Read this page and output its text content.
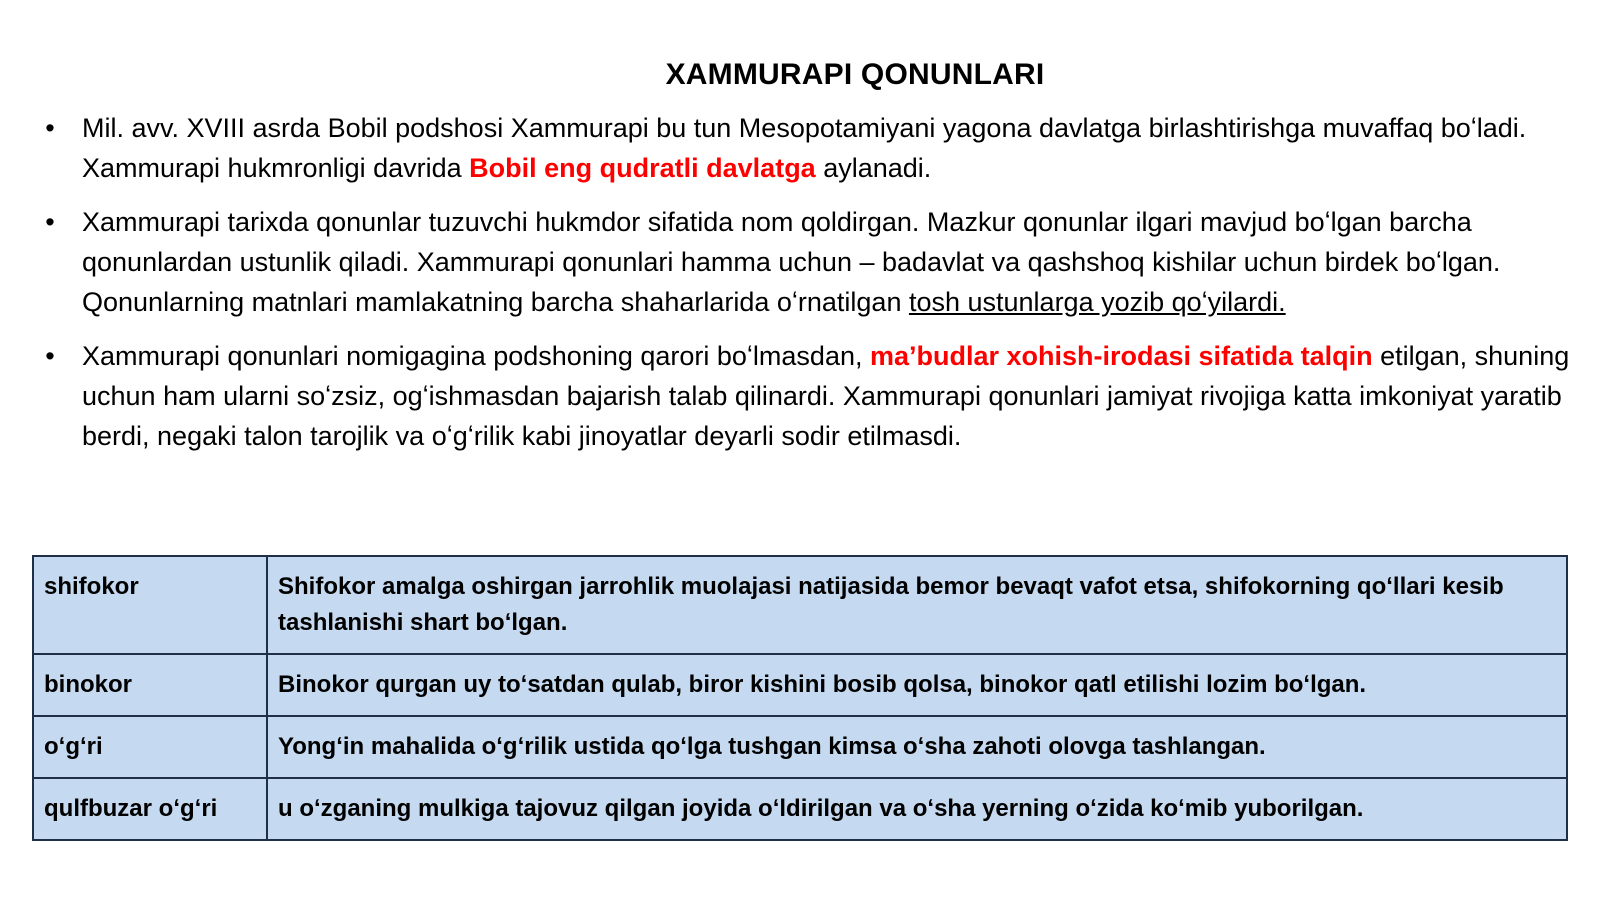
XAMMURAPI QONUNLARI
• Mil. avv. XVIII asrda Bobil podshosi Xammurapi bu tun Mesopotamiyani yagona davlatga birlashtirishga muvaffaq boʻladi. Xammurapi hukmronligi davrida Bobil eng qudratli davlatga aylanadi.
• Xammurapi tarixda qonunlar tuzuvchi hukmdor sifatida nom qoldirgan. Mazkur qonunlar ilgari mavjud boʻlgan barcha qonunlardan ustunlik qiladi. Xammurapi qonunlari hamma uchun – badavlat va qashshoq kishilar uchun birdek boʻlgan. Qonunlarning matnlari mamlakatning barcha shaharlarida oʻrnatilgan tosh ustunlarga yozib qoʻyilardi.
• Xammurapi qonunlari nomigagina podshoning qarori boʻlmasdan, ma’budlar xohish-irodasi sifatida talqin etilgan, shuning uchun ham ularni soʻzsiz, ogʻishmasdan bajarish talab qilinardi. Xammurapi qonunlari jamiyat rivojiga katta imkoniyat yaratib berdi, negaki talon tarojlik va oʻgʻrilik kabi jinoyatlar deyarli sodir etilmasdi.
shifokor	Shifokor amalga oshirgan jarrohlik muolajasi natijasida bemor bevaqt vafot etsa, shifokorning qoʻllari kesib tashlanishi shart boʻlgan.
binokor	Binokor qurgan uy toʻsatdan qulab, biror kishini bosib qolsa, binokor qatl etilishi lozim boʻlgan.
oʻgʻri	Yongʻin mahalida oʻgʻrilik ustida qoʻlga tushgan kimsa oʻsha zahoti olovga tashlangan.
qulfbuzar oʻgʻri	u oʻzganing mulkiga tajovuz qilgan joyida oʻldirilgan va oʻsha yerning oʻzida koʻmib yuborilgan.
